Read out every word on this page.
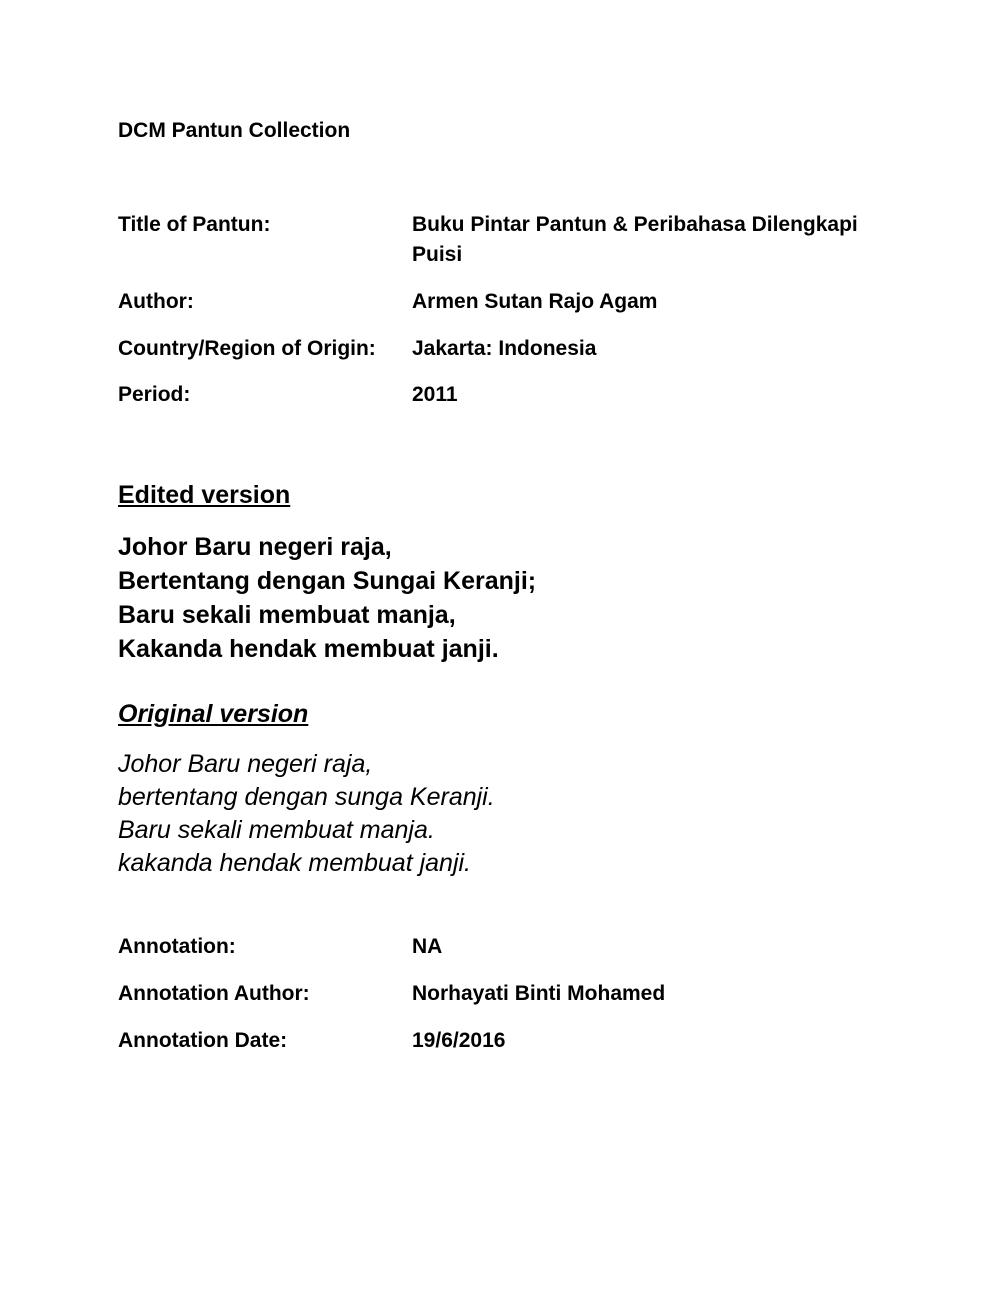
DCM Pantun Collection
Title of Pantun:	Buku Pintar Pantun & Peribahasa Dilengkapi Puisi
Author:	Armen Sutan Rajo Agam
Country/Region of Origin: Jakarta: Indonesia
Period:	2011
Edited version
Johor Baru negeri raja,
Bertentang dengan Sungai Keranji;
Baru sekali membuat manja,
Kakanda hendak membuat janji.
Original version
Johor Baru negeri raja,
bertentang dengan sunga Keranji.
Baru sekali membuat manja.
kakanda hendak membuat janji.
Annotation:	NA
Annotation Author:	Norhayati Binti Mohamed
Annotation Date:	19/6/2016
